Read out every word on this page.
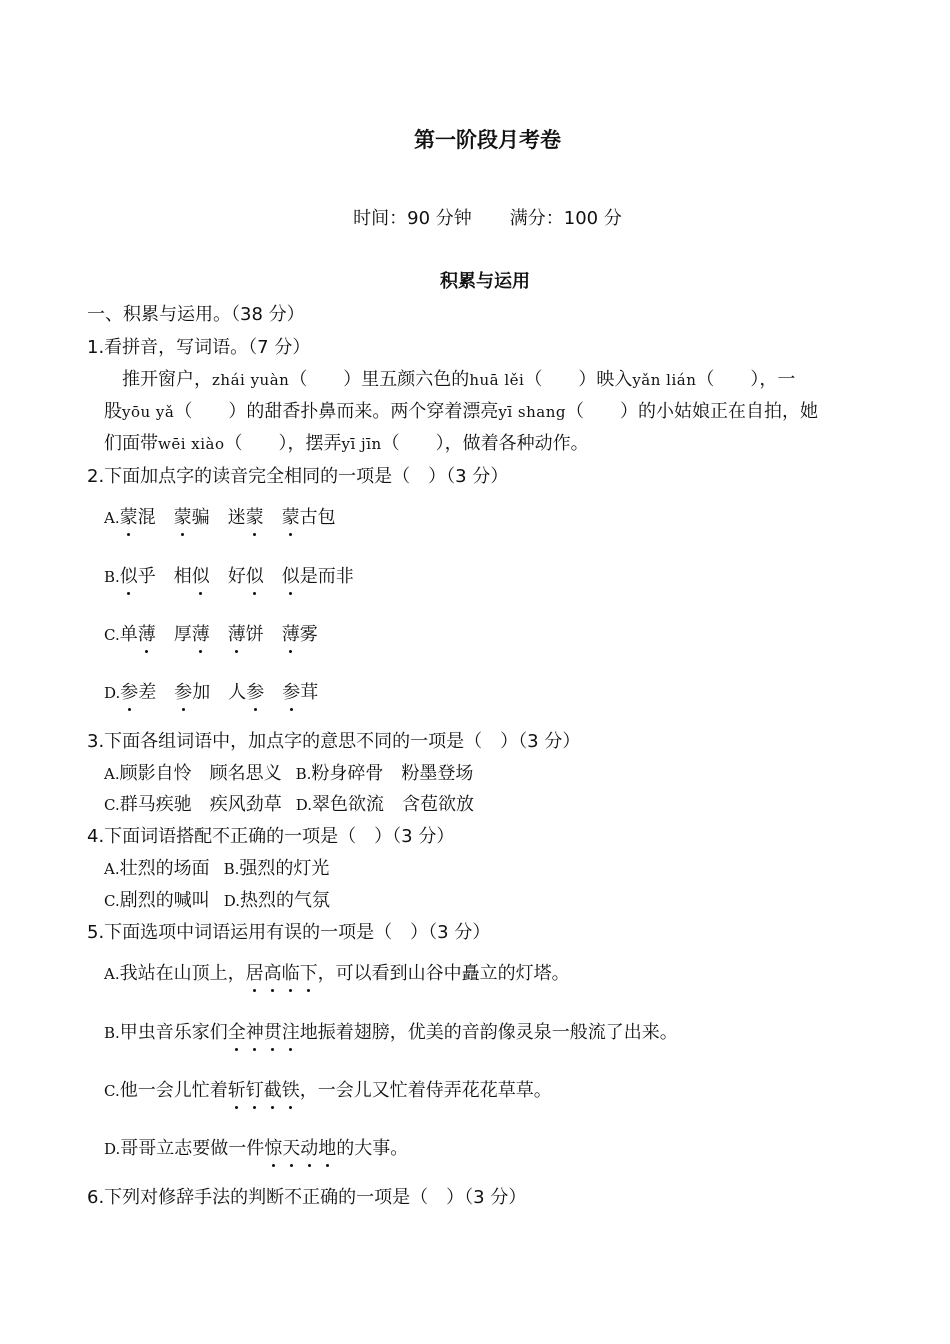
第一阶段月考卷
时间：90 分钟 满分：100 分
积累与运用
一、积累与运用。（38 分）
1.看拼音，写词语。（7 分）
推开窗户，zhái yuàn（　　）里五颜六色的huā lěi（　　）映入yǎn lián（　　），一
股yōu yǎ（　　）的甜香扑鼻而来。两个穿着漂亮yī shang（　　）的小姑娘正在自拍，她
们面带wēi xiào（　　），摆弄yī jīn（　　），做着各种动作。
2.下面加点字的读音完全相同的一项是（　）（3 分）
A.蒙混 蒙骗 迷蒙 蒙古包
B.似乎 相似 好似 似是而非
C.单薄 厚薄 薄饼 薄雾
D.参差 参加 人参 参茸
3.下面各组词语中，加点字的意思不同的一项是（　）（3 分）
A.顾影自怜　顾名思义 B.粉身碎骨　粉墨登场
C.群马疾驰　疾风劲草 D.翠色欲流　含苞欲放
4.下面词语搭配不正确的一项是（　）（3 分）
A.壮烈的场面 B.强烈的灯光
C.剧烈的喊叫 D.热烈的气氛
5.下面选项中词语运用有误的一项是（　）（3 分）
A.我站在山顶上，居高临下，可以看到山谷中矗立的灯塔。
B.甲虫音乐家们全神贯注地振着翅膀，优美的音韵像灵泉一般流了出来。
C.他一会儿忙着斩钉截铁，一会儿又忙着侍弄花花草草。
D.哥哥立志要做一件惊天动地的大事。
6.下列对修辞手法的判断不正确的一项是（　）（3 分）
